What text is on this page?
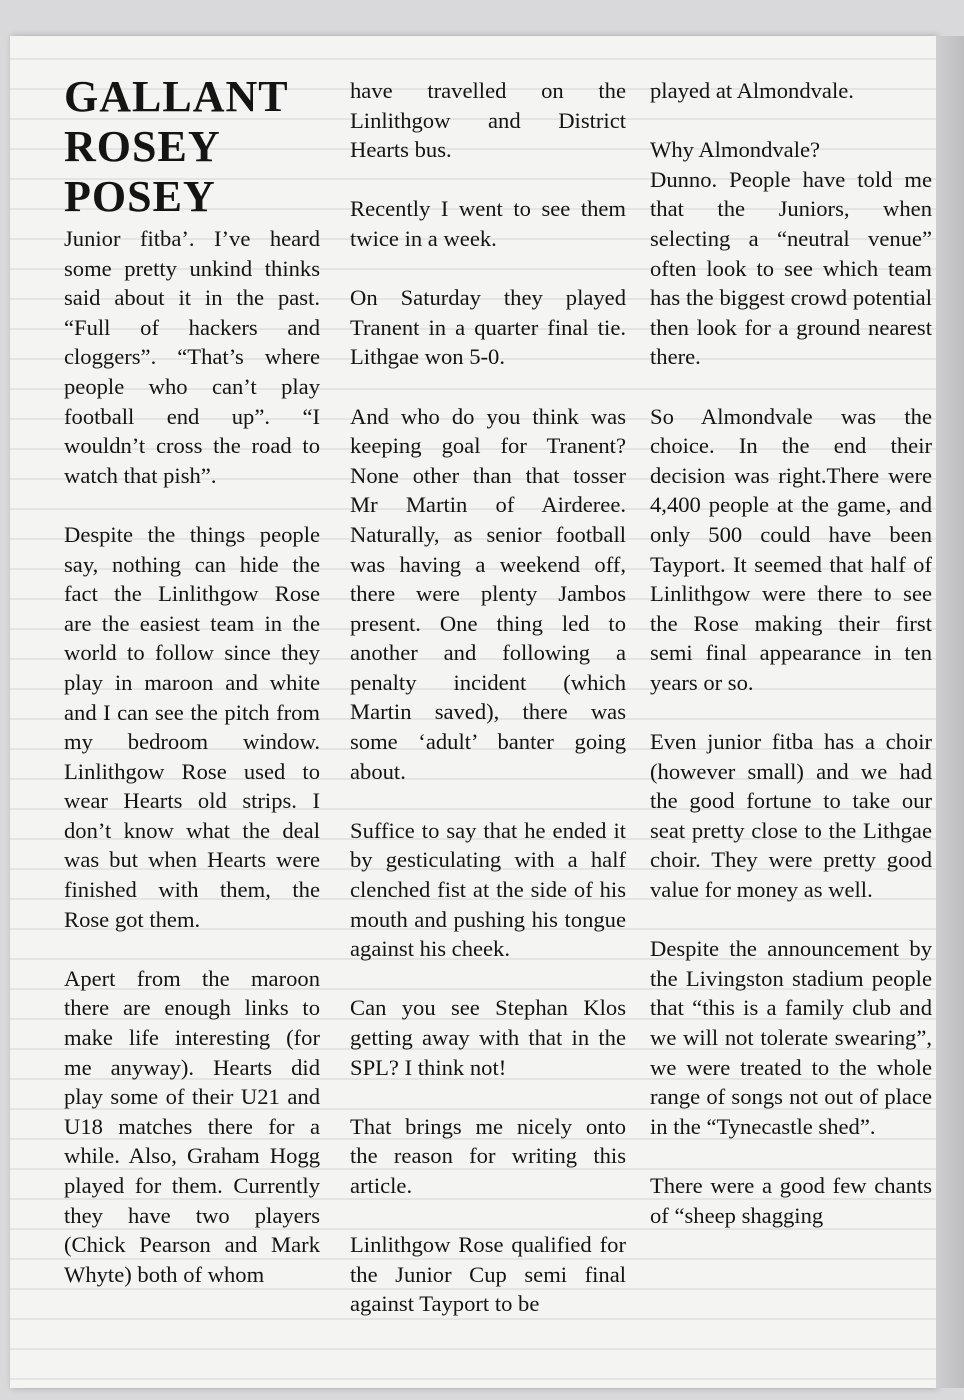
GALLANT
ROSEY
POSEY

Junior fitba’. I’ve heard some pretty unkind thinks said about it in the past. “Full of hackers and cloggers”. “That’s where people who can’t play football end up”. “I wouldn’t cross the road to watch that pish”.

Despite the things people say, nothing can hide the fact the Linlithgow Rose are the easiest team in the world to follow since they play in maroon and white and I can see the pitch from my bedroom window. Linlithgow Rose used to wear Hearts old strips. I don’t know what the deal was but when Hearts were finished with them, the Rose got them.

Apert from the maroon there are enough links to make life interesting (for me anyway). Hearts did play some of their U21 and U18 matches there for a while. Also, Graham Hogg played for them. Currently they have two players (Chick Pearson and Mark Whyte) both of whom

have travelled on the Linlithgow and District Hearts bus.

Recently I went to see them twice in a week.

On Saturday they played Tranent in a quarter final tie. Lithgae won 5-0.

And who do you think was keeping goal for Tranent? None other than that tosser Mr Martin of Airderee. Naturally, as senior football was having a weekend off, there were plenty Jambos present. One thing led to another and following a penalty incident (which Martin saved), there was some ‘adult’ banter going about.

Suffice to say that he ended it by gesticulating with a half clenched fist at the side of his mouth and pushing his tongue against his cheek.

Can you see Stephan Klos getting away with that in the SPL? I think not!

That brings me nicely onto the reason for writing this article.

Linlithgow Rose qualified for the Junior Cup semi final against Tayport to be

played at Almondvale.

Why Almondvale?

Dunno. People have told me that the Juniors, when selecting a “neutral venue” often look to see which team has the biggest crowd potential then look for a ground nearest there.

So Almondvale was the choice. In the end their decision was right.There were 4,400 people at the game, and only 500 could have been Tayport. It seemed that half of Linlithgow were there to see the Rose making their first semi final appearance in ten years or so.

Even junior fitba has a choir (however small) and we had the good fortune to take our seat pretty close to the Lithgae choir. They were pretty good value for money as well.

Despite the announcement by the Livingston stadium people that “this is a family club and we will not tolerate swearing”, we were treated to the whole range of songs not out of place in the “Tynecastle shed”.

There were a good few chants of “sheep shagging
